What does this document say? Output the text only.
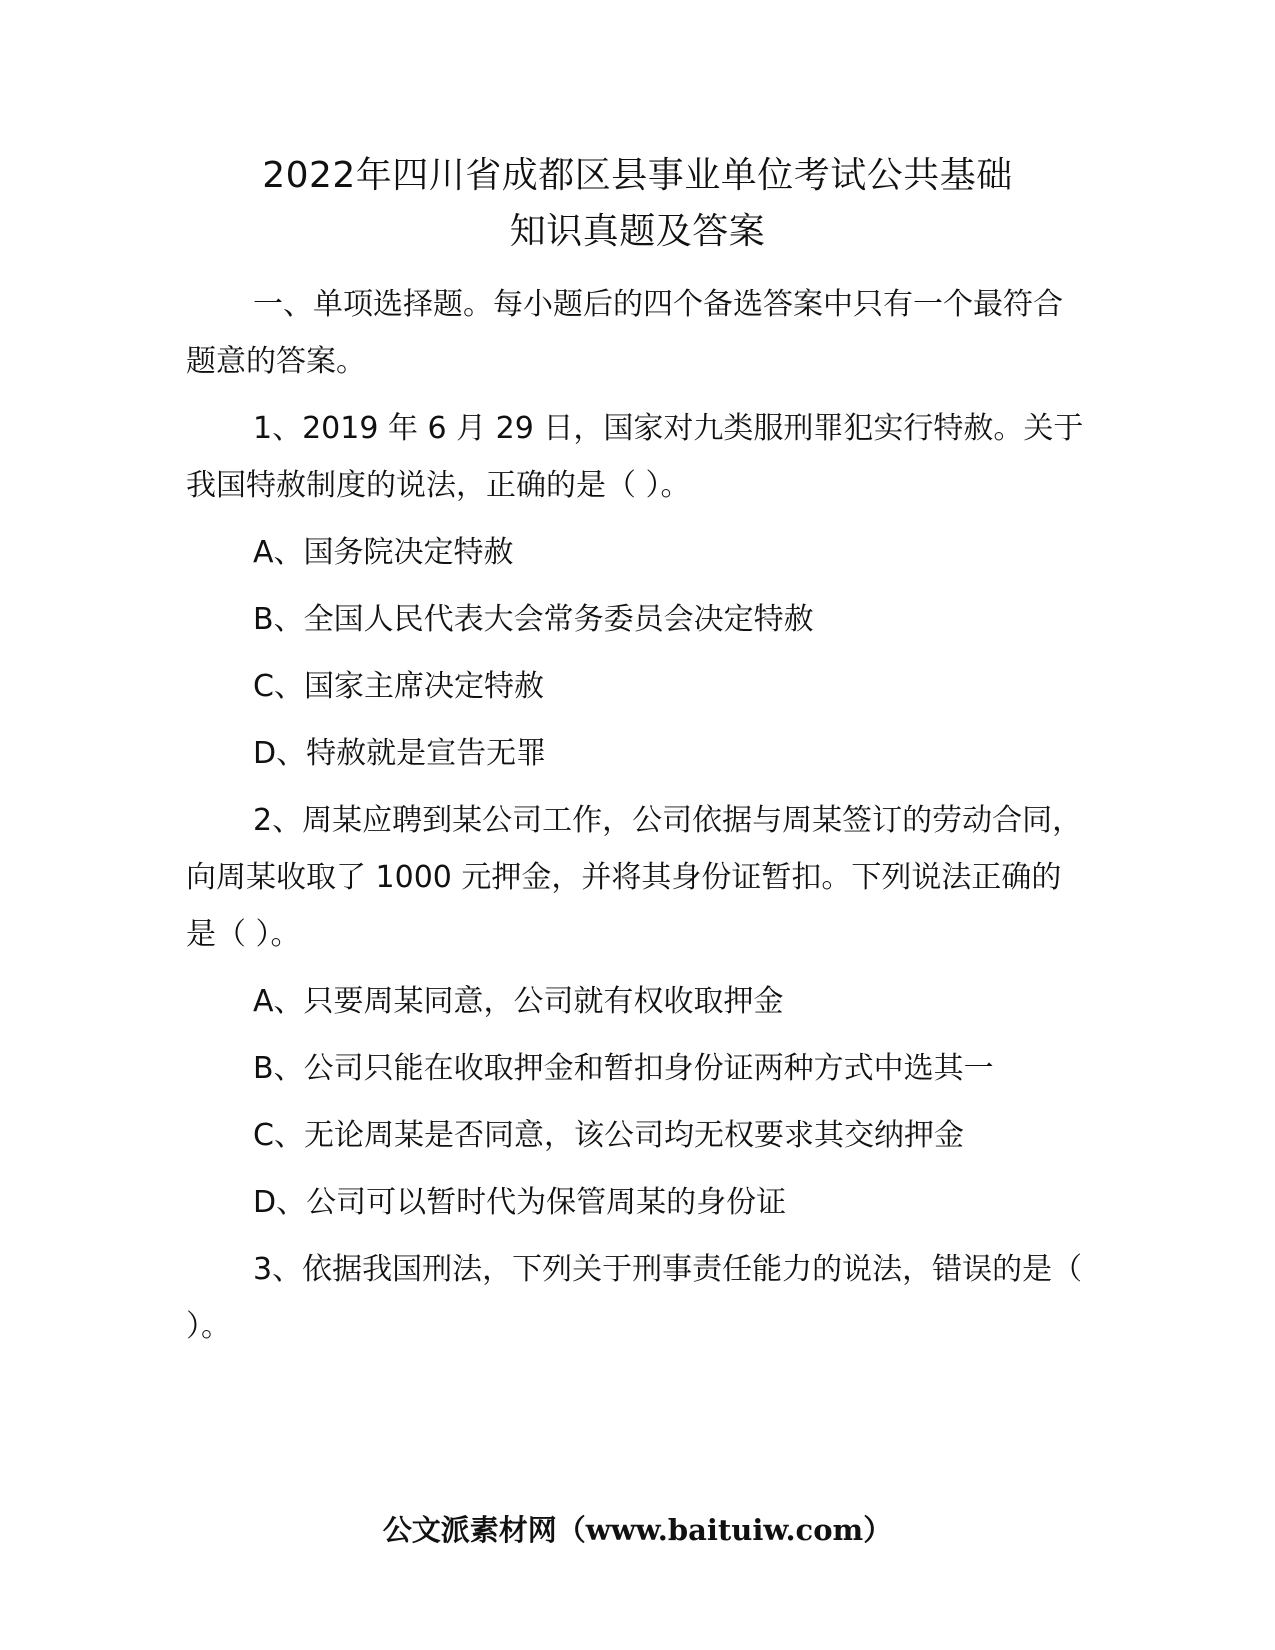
2022年四川省成都区县事业单位考试公共基础
知识真题及答案

一、单项选择题。每小题后的四个备选答案中只有一个最符合题意的答案。

1、2019 年 6 月 29 日，国家对九类服刑罪犯实行特赦。关于我国特赦制度的说法，正确的是（ ）。

A、国务院决定特赦

B、全国人民代表大会常务委员会决定特赦

C、国家主席决定特赦

D、特赦就是宣告无罪

2、周某应聘到某公司工作，公司依据与周某签订的劳动合同，向周某收取了 1000 元押金，并将其身份证暂扣。下列说法正确的是（ ）。

A、只要周某同意，公司就有权收取押金

B、公司只能在收取押金和暂扣身份证两种方式中选其一

C、无论周某是否同意，该公司均无权要求其交纳押金

D、公司可以暂时代为保管周某的身份证

3、依据我国刑法，下列关于刑事责任能力的说法，错误的是（ ）。

公文派素材网（www.baituiw.com）
